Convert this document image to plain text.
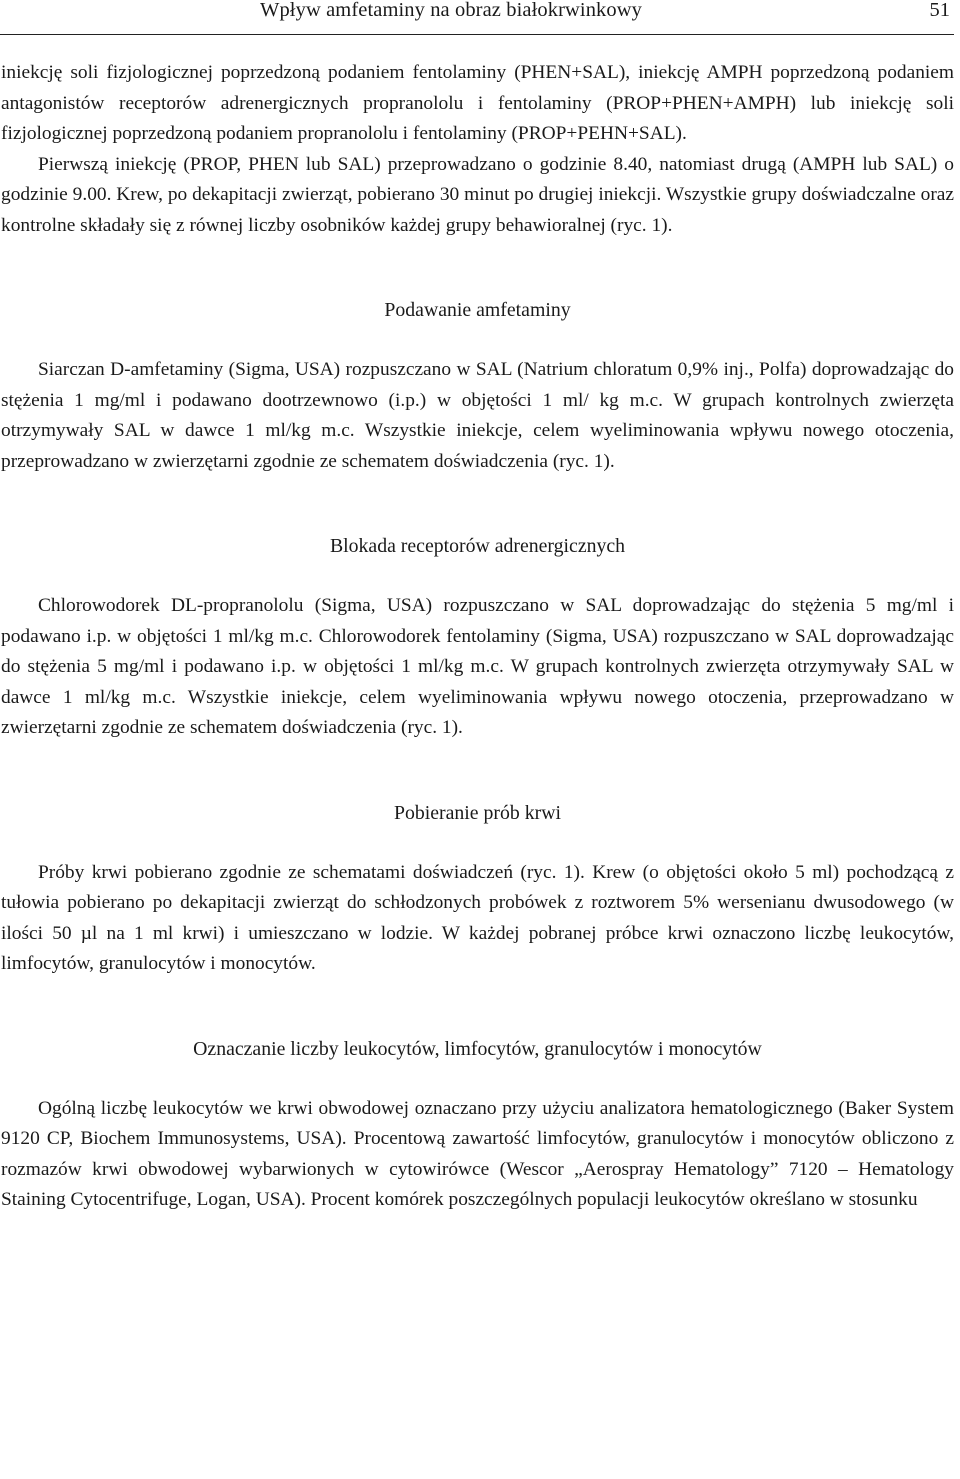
Wpływ amfetaminy na obraz białokrwinkowy	51

iniekcję soli fizjologicznej poprzedzoną podaniem fentolaminy (PHEN+SAL), iniekcję AMPH poprzedzoną podaniem antagonistów receptorów adrenergicznych propranololu i fentolaminy (PROP+PHEN+AMPH) lub iniekcję soli fizjologicznej poprzedzoną podaniem propranololu i fentolaminy (PROP+PEHN+SAL).

Pierwszą iniekcję (PROP, PHEN lub SAL) przeprowadzano o godzinie 8.40, natomiast drugą (AMPH lub SAL) o godzinie 9.00. Krew, po dekapitacji zwierząt, pobierano 30 minut po drugiej iniekcji. Wszystkie grupy doświadczalne oraz kontrolne składały się z równej liczby osobników każdej grupy behawioralnej (ryc. 1).

Podawanie amfetaminy

Siarczan D-amfetaminy (Sigma, USA) rozpuszczano w SAL (Natrium chloratum 0,9% inj., Polfa) doprowadzając do stężenia 1 mg/ml i podawano dootrzewnowo (i.p.) w objętości 1 ml/ kg m.c. W grupach kontrolnych zwierzęta otrzymywały SAL w dawce 1 ml/kg m.c. Wszystkie iniekcje, celem wyeliminowania wpływu nowego otoczenia, przeprowadzano w zwierzętarni zgodnie ze schematem doświadczenia (ryc. 1).

Blokada receptorów adrenergicznych

Chlorowodorek DL-propranololu (Sigma, USA) rozpuszczano w SAL doprowadzając do stężenia 5 mg/ml i podawano i.p. w objętości 1 ml/kg m.c. Chlorowodorek fentolaminy (Sigma, USA) rozpuszczano w SAL doprowadzając do stężenia 5 mg/ml i podawano i.p. w objętości 1 ml/kg m.c. W grupach kontrolnych zwierzęta otrzymywały SAL w dawce 1 ml/kg m.c. Wszystkie iniekcje, celem wyeliminowania wpływu nowego otoczenia, przeprowadzano w zwierzętarni zgodnie ze schematem doświadczenia (ryc. 1).

Pobieranie prób krwi

Próby krwi pobierano zgodnie ze schematami doświadczeń (ryc. 1). Krew (o objętości około 5 ml) pochodzącą z tułowia pobierano po dekapitacji zwierząt do schłodzonych probówek z roztworem 5% wersenianu dwusodowego (w ilości 50 µl na 1 ml krwi) i umieszczano w lodzie. W każdej pobranej próbce krwi oznaczono liczbę leukocytów, limfocytów, granulocytów i monocytów.

Oznaczanie liczby leukocytów, limfocytów, granulocytów i monocytów

Ogólną liczbę leukocytów we krwi obwodowej oznaczano przy użyciu analizatora hematologicznego (Baker System 9120 CP, Biochem Immunosystems, USA). Procentową zawartość limfocytów, granulocytów i monocytów obliczono z rozmazów krwi obwodowej wybarwionych w cytowirówce (Wescor „Aerospray Hematology” 7120 – Hematology Staining Cytocentrifuge, Logan, USA). Procent komórek poszczególnych populacji leukocytów określano w stosunku
